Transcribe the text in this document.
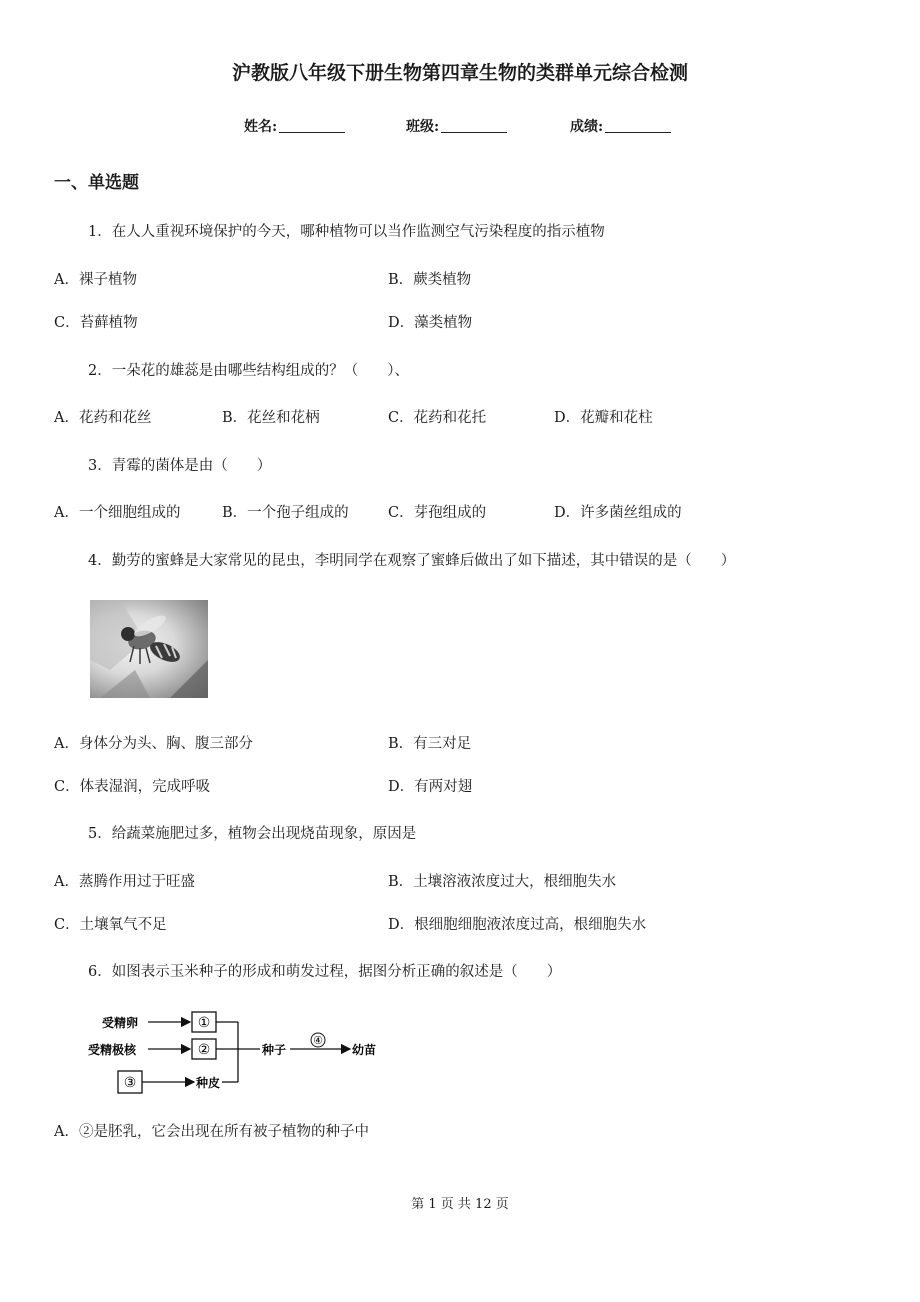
沪教版八年级下册生物第四章生物的类群单元综合检测
姓名:	班级:	成绩:
一、单选题
1．在人人重视环境保护的今天，哪种植物可以当作监测空气污染程度的指示植物
A．裸子植物	B．蕨类植物
C．苔藓植物	D．藻类植物
2．一朵花的雄蕊是由哪些结构组成的？（　　）、
A．花药和花丝	B．花丝和花柄	C．花药和花托	D．花瓣和花柱
3．青霉的菌体是由（　　）
A．一个细胞组成的	B．一个孢子组成的	C．芽孢组成的	D．许多菌丝组成的
4．勤劳的蜜蜂是大家常见的昆虫，李明同学在观察了蜜蜂后做出了如下描述，其中错误的是（　　）
A．身体分为头、胸、腹三部分	B．有三对足
C．体表湿润，完成呼吸	D．有两对翅
5．给蔬菜施肥过多，植物会出现烧苗现象，原因是
A．蒸腾作用过于旺盛	B．土壤溶液浓度过大，根细胞失水
C．土壤氧气不足	D．根细胞细胞液浓度过高，根细胞失水
6．如图表示玉米种子的形成和萌发过程，据图分析正确的叙述是（　　）
受精卵
受精极核
①
②
③	种皮
种子
④
幼苗
A．②是胚乳，它会出现在所有被子植物的种子中
第 1 页 共 12 页
